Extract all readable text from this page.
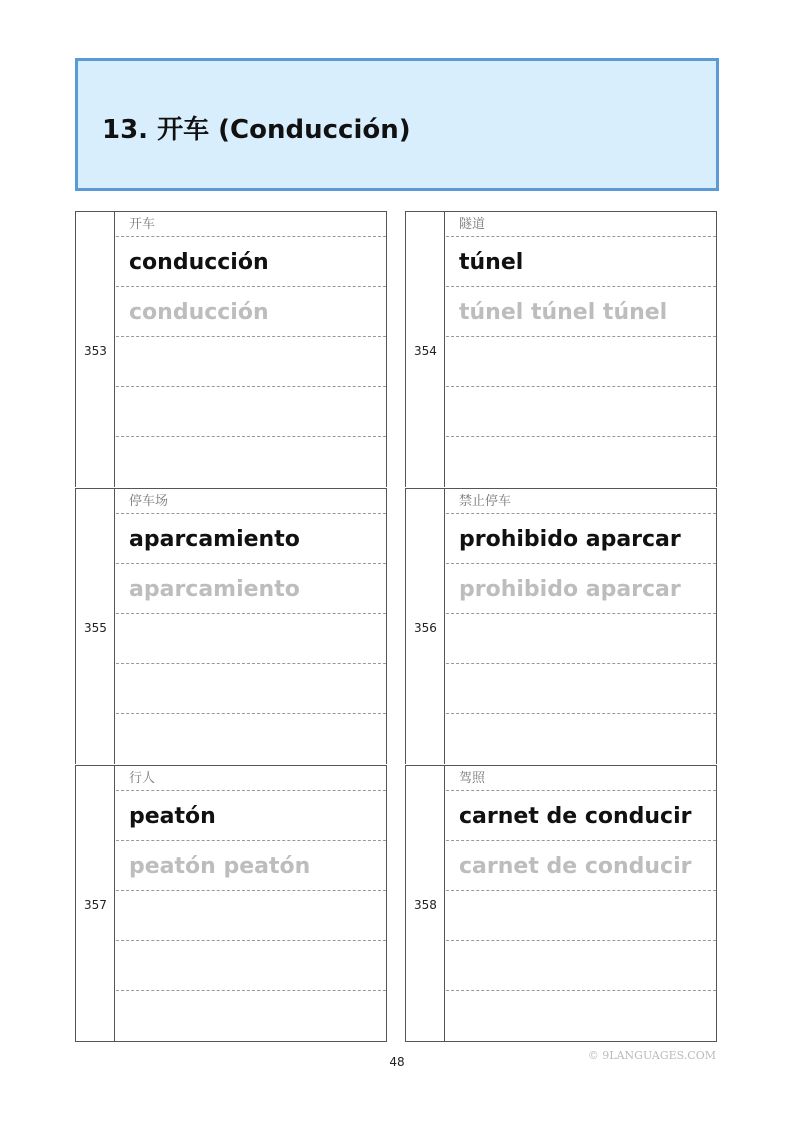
13. 开车 (Conducción)
353
开车
conducción
conducción
354
隧道
túnel
túnel túnel túnel
355
停车场
aparcamiento
aparcamiento
356
禁止停车
prohibido aparcar
prohibido aparcar
357
行人
peatón
peatón peatón
358
驾照
carnet de conducir
carnet de conducir
48	© 9LANGUAGES.COM
